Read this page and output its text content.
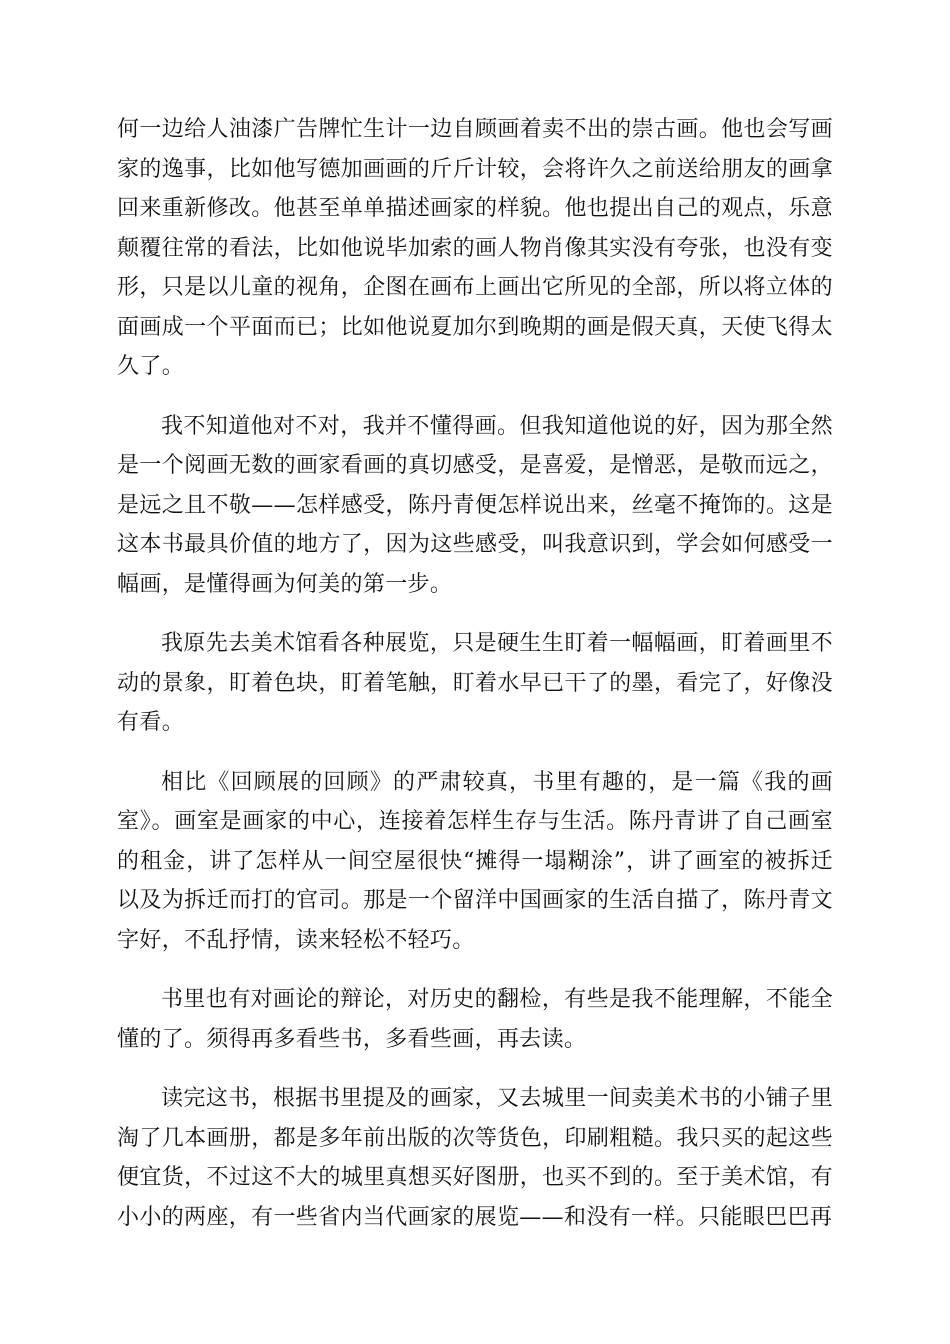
何一边给人油漆广告牌忙生计一边自顾画着卖不出的崇古画。他也会写画家的逸事，比如他写德加画画的斤斤计较，会将许久之前送给朋友的画拿回来重新修改。他甚至单单描述画家的样貌。他也提出自己的观点，乐意颠覆往常的看法，比如他说毕加索的画人物肖像其实没有夸张，也没有变形，只是以儿童的视角，企图在画布上画出它所见的全部，所以将立体的面画成一个平面而已；比如他说夏加尔到晚期的画是假天真，天使飞得太久了。

我不知道他对不对，我并不懂得画。但我知道他说的好，因为那全然是一个阅画无数的画家看画的真切感受，是喜爱，是憎恶，是敬而远之，是远之且不敬——怎样感受，陈丹青便怎样说出来，丝毫不掩饰的。这是这本书最具价值的地方了，因为这些感受，叫我意识到，学会如何感受一幅画，是懂得画为何美的第一步。

我原先去美术馆看各种展览，只是硬生生盯着一幅幅画，盯着画里不动的景象，盯着色块，盯着笔触，盯着水早已干了的墨，看完了，好像没有看。

相比《回顾展的回顾》的严肃较真，书里有趣的，是一篇《我的画室》。画室是画家的中心，连接着怎样生存与生活。陈丹青讲了自己画室的租金，讲了怎样从一间空屋很快“摊得一塌糊涂”，讲了画室的被拆迁以及为拆迁而打的官司。那是一个留洋中国画家的生活自描了，陈丹青文字好，不乱抒情，读来轻松不轻巧。

书里也有对画论的辩论，对历史的翻检，有些是我不能理解，不能全懂的了。须得再多看些书，多看些画，再去读。

读完这书，根据书里提及的画家，又去城里一间卖美术书的小铺子里淘了几本画册，都是多年前出版的次等货色，印刷粗糙。我只买的起这些便宜货，不过这不大的城里真想买好图册，也买不到的。至于美术馆，有小小的两座，有一些省内当代画家的展览——和没有一样。只能眼巴巴再
